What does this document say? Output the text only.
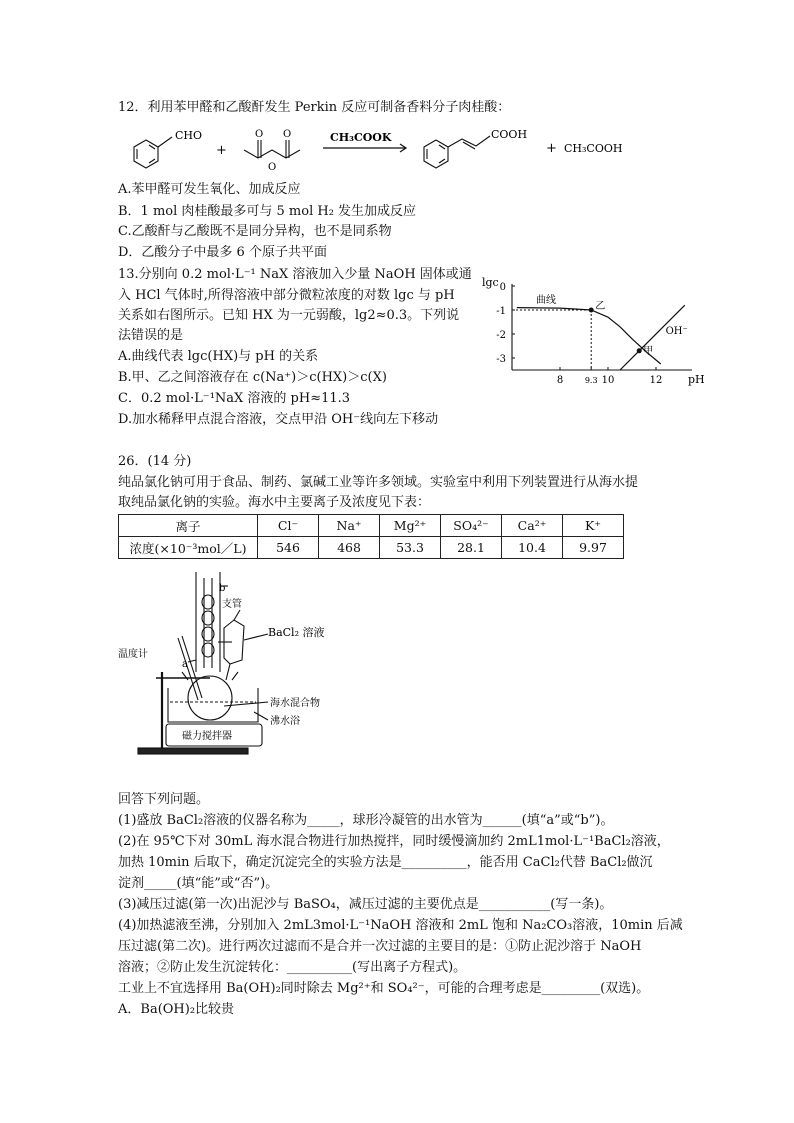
12．利用苯甲醛和乙酸酐发生 Perkin 反应可制备香料分子肉桂酸：
CHO
+
O O
O
CH₃COOK	COOH
+ CH₃COOH
A.苯甲醛可发生氧化、加成反应
B．1 mol 肉桂酸最多可与 5 mol H₂ 发生加成反应
C.乙酸酐与乙酸既不是同分异构，也不是同系物
D．乙酸分子中最多 6 个原子共平面
13.分别向 0.2 mol·L⁻¹ NaX 溶液加入少量 NaOH 固体或通
入 HCl 气体时,所得溶液中部分微粒浓度的对数 lgc 与 pH
关系如右图所示。已知 HX 为一元弱酸，lg2≈0.3。下列说
法错误的是
A.曲线代表 lgc(HX)与 pH 的关系
B.甲、乙之间溶液存在 c(Na⁺)＞c(HX)＞c(X)
C．0.2 mol·L⁻¹NaX 溶液的 pH≈11.3
D.加水稀释甲点混合溶液，交点甲沿 OH⁻线向左下移动
lgc
pH
8	9.3 10	12
0
-1
-2
-3
曲线
OH⁻
乙
甲
26．(14 分)
纯品氯化钠可用于食品、制药、氯碱工业等许多领域。实验室中利用下列装置进行从海水提
取纯品氯化钠的实验。海水中主要离子及浓度见下表：
离子	Cl⁻	Na⁺	Mg²⁺	SO₄²⁻	Ca²⁺	K⁺
浓度(×10⁻³mol／L)	546	468	53.3	28.1	10.4	9.97
b
a
支管
温度计
BaCl₂ 溶液
海水混合物
沸水浴
磁力搅拌器
回答下列问题。
(1)盛放 BaCl₂溶液的仪器名称为_____，球形冷凝管的出水管为______(填“a”或“b”)。
(2)在 95℃下对 30mL 海水混合物进行加热搅拌，同时缓慢滴加约 2mL1mol·L⁻¹BaCl₂溶液，
加热 10min 后取下，确定沉淀完全的实验方法是__________，能否用 CaCl₂代替 BaCl₂做沉
淀剂_____(填“能”或“否”)。
(3)减压过滤(第一次)出泥沙与 BaSO₄，减压过滤的主要优点是___________(写一条)。
(4)加热滤液至沸，分别加入 2mL3mol·L⁻¹NaOH 溶液和 2mL 饱和 Na₂CO₃溶液，10min 后减
压过滤(第二次)。进行两次过滤而不是合并一次过滤的主要目的是：①防止泥沙溶于 NaOH
溶液；②防止发生沉淀转化：__________(写出离子方程式)。
工业上不宜选择用 Ba(OH)₂同时除去 Mg²⁺和 SO₄²⁻，可能的合理考虑是_________(双选)。
A．Ba(OH)₂比较贵
